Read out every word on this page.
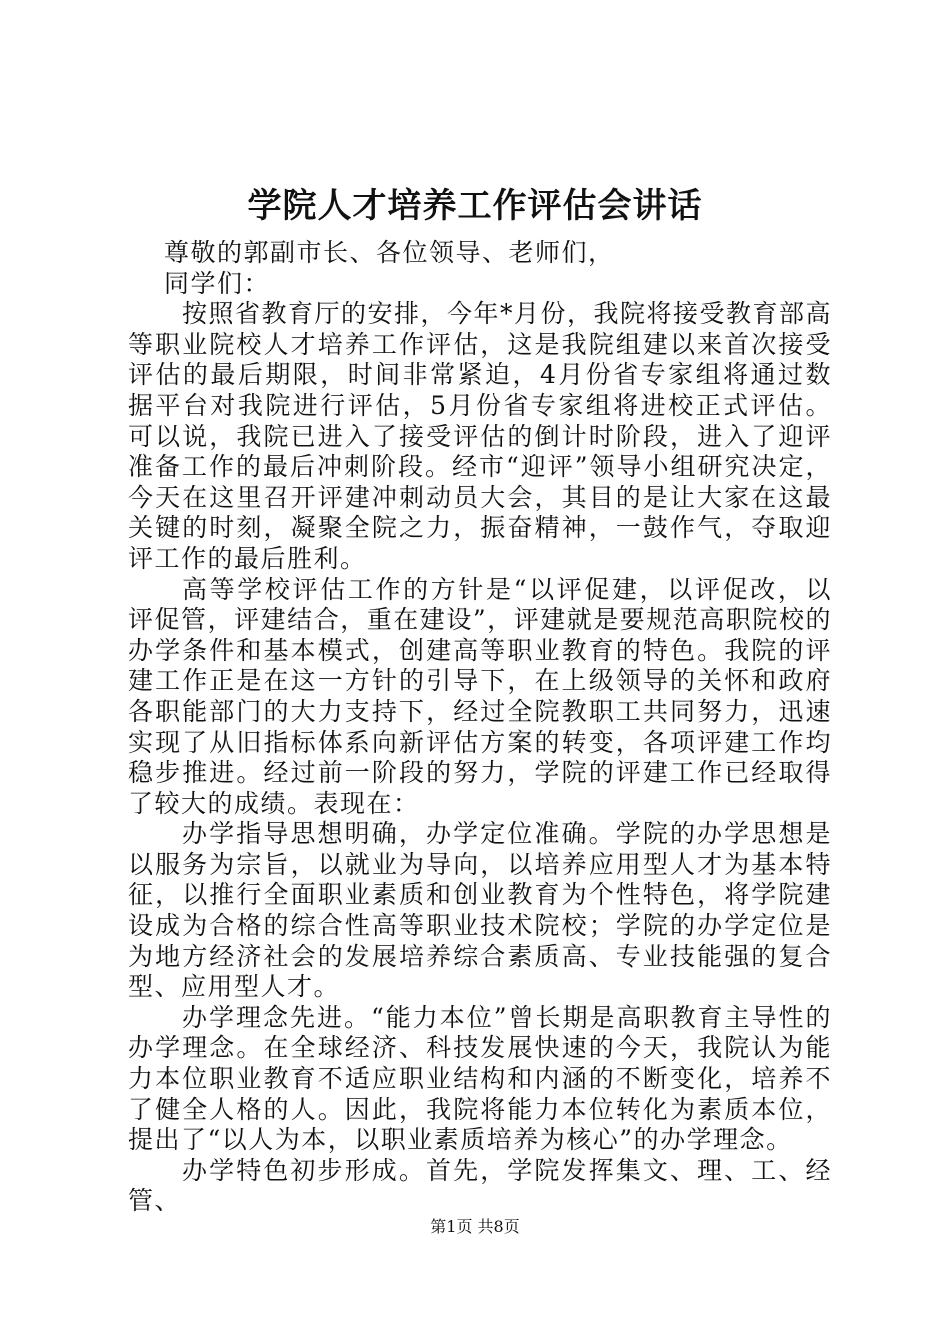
学院人才培养工作评估会讲话

尊敬的郭副市长、各位领导、老师们，

同学们：

按照省教育厅的安排，今年*月份，我院将接受教育部高等职业院校人才培养工作评估，这是我院组建以来首次接受评估的最后期限，时间非常紧迫，4月份省专家组将通过数据平台对我院进行评估，5月份省专家组将进校正式评估。可以说，我院已进入了接受评估的倒计时阶段，进入了迎评准备工作的最后冲刺阶段。经市“迎评”领导小组研究决定，今天在这里召开评建冲刺动员大会，其目的是让大家在这最关键的时刻，凝聚全院之力，振奋精神，一鼓作气，夺取迎评工作的最后胜利。

高等学校评估工作的方针是“以评促建，以评促改，以评促管，评建结合，重在建设”，评建就是要规范高职院校的办学条件和基本模式，创建高等职业教育的特色。我院的评建工作正是在这一方针的引导下，在上级领导的关怀和政府各职能部门的大力支持下，经过全院教职工共同努力，迅速实现了从旧指标体系向新评估方案的转变，各项评建工作均稳步推进。经过前一阶段的努力，学院的评建工作已经取得了较大的成绩。表现在：

办学指导思想明确，办学定位准确。学院的办学思想是以服务为宗旨，以就业为导向，以培养应用型人才为基本特征，以推行全面职业素质和创业教育为个性特色，将学院建设成为合格的综合性高等职业技术院校；学院的办学定位是为地方经济社会的发展培养综合素质高、专业技能强的复合型、应用型人才。

办学理念先进。“能力本位”曾长期是高职教育主导性的办学理念。在全球经济、科技发展快速的今天，我院认为能力本位职业教育不适应职业结构和内涵的不断变化，培养不了健全人格的人。因此，我院将能力本位转化为素质本位，提出了“以人为本，以职业素质培养为核心”的办学理念。

办学特色初步形成。首先，学院发挥集文、理、工、经管、

第1页 共8页
